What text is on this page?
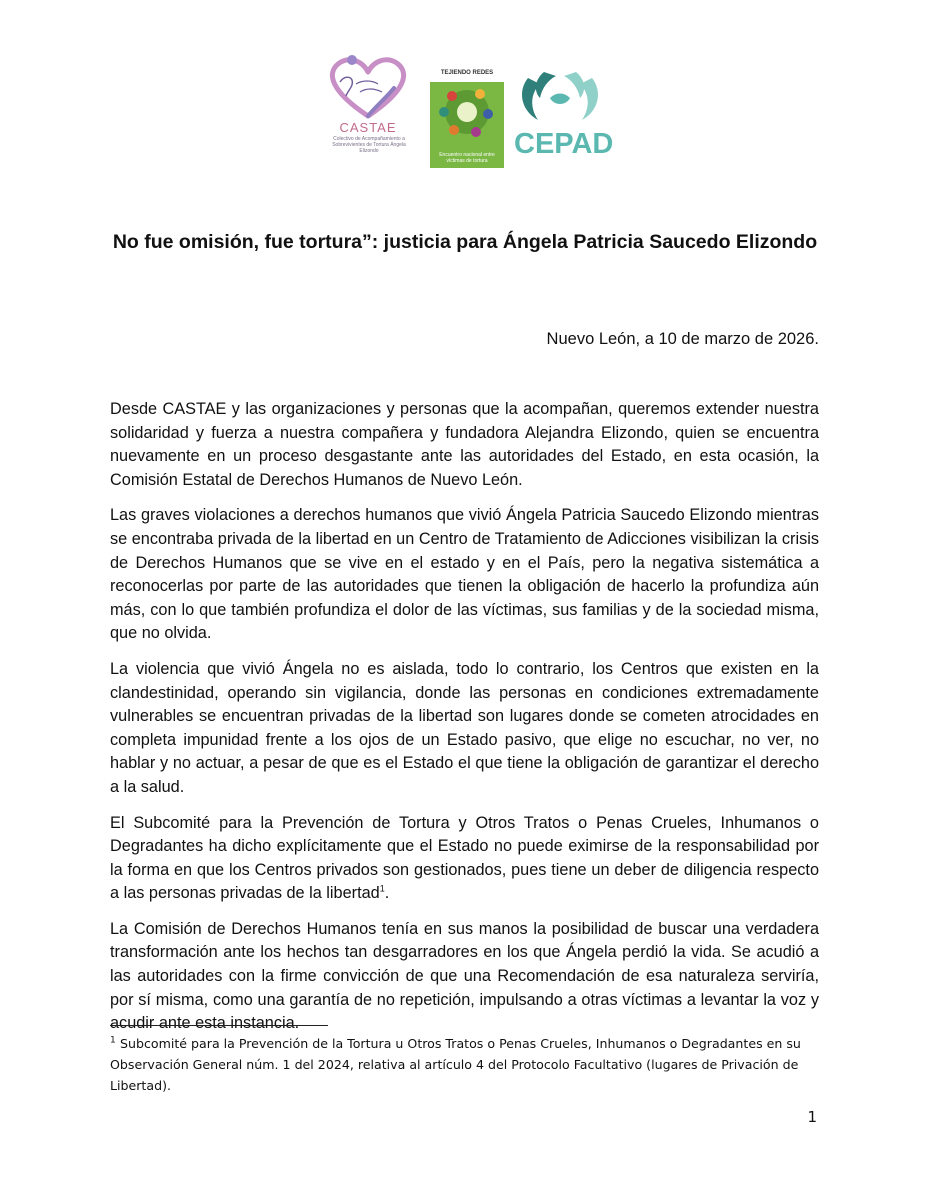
CASTAE
Colectivo de Acompañamiento a Sobrevivientes de Tortura Ángela Elizondo
TEJIENDO REDES
Encuentro nacional entre víctimas de tortura
CEPAD
No fue omisión, fue tortura”: justicia para Ángela Patricia Saucedo Elizondo

Nuevo León, a 10 de marzo de 2026.

Desde CASTAE y las organizaciones y personas que la acompañan, queremos extender nuestra solidaridad y fuerza a nuestra compañera y fundadora Alejandra Elizondo, quien se encuentra nuevamente en un proceso desgastante ante las autoridades del Estado, en esta ocasión, la Comisión Estatal de Derechos Humanos de Nuevo León.

Las graves violaciones a derechos humanos que vivió Ángela Patricia Saucedo Elizondo mientras se encontraba privada de la libertad en un Centro de Tratamiento de Adicciones visibilizan la crisis de Derechos Humanos que se vive en el estado y en el País, pero la negativa sistemática a reconocerlas por parte de las autoridades que tienen la obligación de hacerlo la profundiza aún más, con lo que también profundiza el dolor de las víctimas, sus familias y de la sociedad misma, que no olvida.

La violencia que vivió Ángela no es aislada, todo lo contrario, los Centros que existen en la clandestinidad, operando sin vigilancia, donde las personas en condiciones extremadamente vulnerables se encuentran privadas de la libertad son lugares donde se cometen atrocidades en completa impunidad frente a los ojos de un Estado pasivo, que elige no escuchar, no ver, no hablar y no actuar, a pesar de que es el Estado el que tiene la obligación de garantizar el derecho a la salud.

El Subcomité para la Prevención de Tortura y Otros Tratos o Penas Crueles, Inhumanos o Degradantes ha dicho explícitamente que el Estado no puede eximirse de la responsabilidad por la forma en que los Centros privados son gestionados, pues tiene un deber de diligencia respecto a las personas privadas de la libertad$^1$.

La Comisión de Derechos Humanos tenía en sus manos la posibilidad de buscar una verdadera transformación ante los hechos tan desgarradores en los que Ángela perdió la vida. Se acudió a las autoridades con la firme convicción de que una Recomendación de esa naturaleza serviría, por sí misma, como una garantía de no repetición, impulsando a otras víctimas a levantar la voz y acudir ante esta instancia.

$^1$ Subcomité para la Prevención de la Tortura u Otros Tratos o Penas Crueles, Inhumanos o Degradantes en su Observación General núm. 1 del 2024, relativa al artículo 4 del Protocolo Facultativo (lugares de Privación de Libertad).

1
